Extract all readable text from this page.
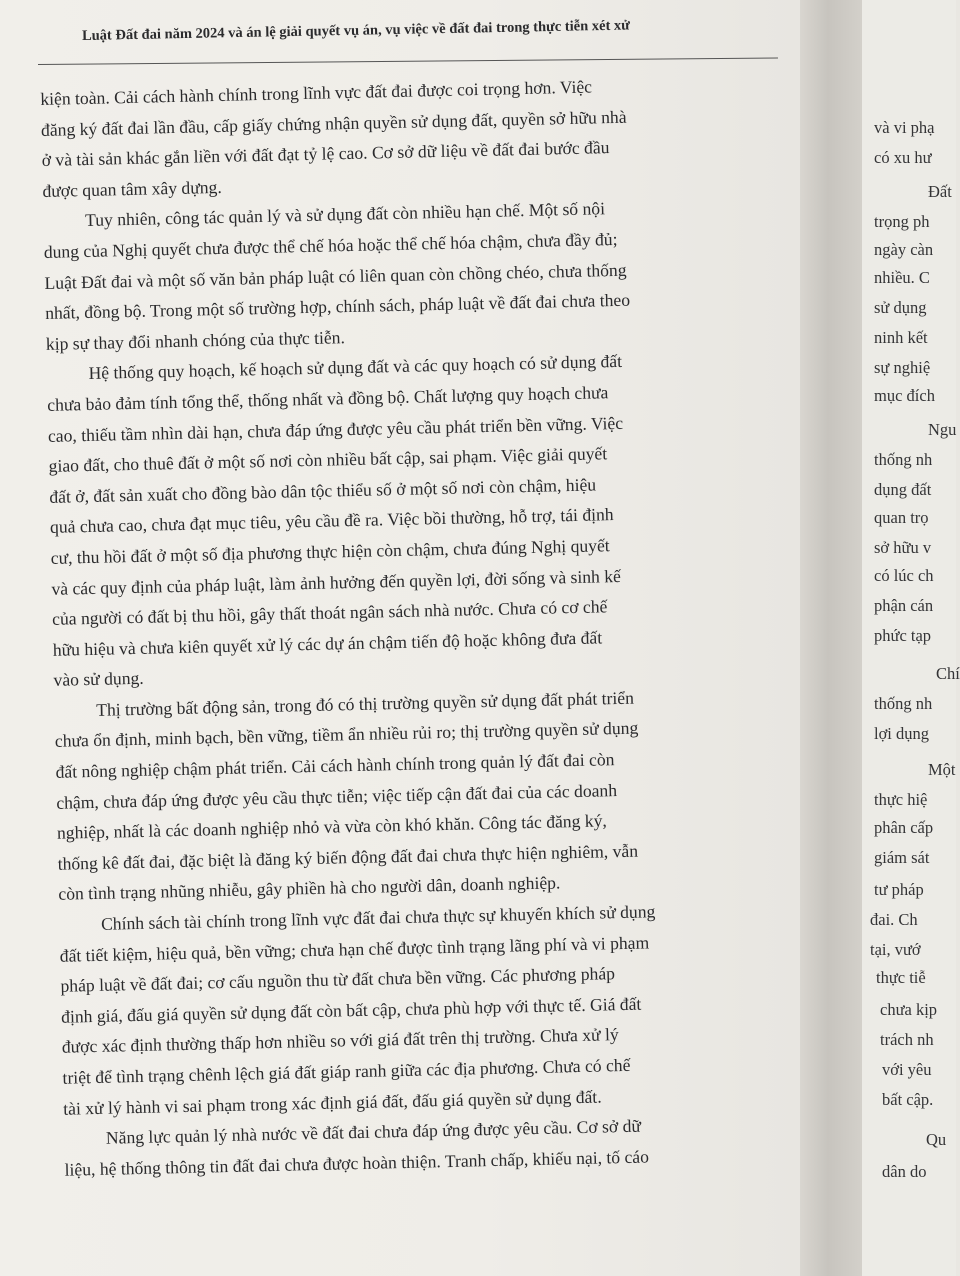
Luật Đất đai năm 2024 và án lệ giải quyết vụ án, vụ việc về đất đai trong thực tiễn xét xử
kiện toàn. Cải cách hành chính trong lĩnh vực đất đai được coi trọng hơn. Việc
đăng ký đất đai lần đầu, cấp giấy chứng nhận quyền sử dụng đất, quyền sở hữu nhà
ở và tài sản khác gắn liền với đất đạt tỷ lệ cao. Cơ sở dữ liệu về đất đai bước đầu
được quan tâm xây dựng.
Tuy nhiên, công tác quản lý và sử dụng đất còn nhiều hạn chế. Một số nội
dung của Nghị quyết chưa được thể chế hóa hoặc thể chế hóa chậm, chưa đầy đủ;
Luật Đất đai và một số văn bản pháp luật có liên quan còn chồng chéo, chưa thống
nhất, đồng bộ. Trong một số trường hợp, chính sách, pháp luật về đất đai chưa theo
kịp sự thay đổi nhanh chóng của thực tiễn.
Hệ thống quy hoạch, kế hoạch sử dụng đất và các quy hoạch có sử dụng đất
chưa bảo đảm tính tổng thể, thống nhất và đồng bộ. Chất lượng quy hoạch chưa
cao, thiếu tầm nhìn dài hạn, chưa đáp ứng được yêu cầu phát triển bền vững. Việc
giao đất, cho thuê đất ở một số nơi còn nhiều bất cập, sai phạm. Việc giải quyết
đất ở, đất sản xuất cho đồng bào dân tộc thiểu số ở một số nơi còn chậm, hiệu
quả chưa cao, chưa đạt mục tiêu, yêu cầu đề ra. Việc bồi thường, hỗ trợ, tái định
cư, thu hồi đất ở một số địa phương thực hiện còn chậm, chưa đúng Nghị quyết
và các quy định của pháp luật, làm ảnh hưởng đến quyền lợi, đời sống và sinh kế
của người có đất bị thu hồi, gây thất thoát ngân sách nhà nước. Chưa có cơ chế
hữu hiệu và chưa kiên quyết xử lý các dự án chậm tiến độ hoặc không đưa đất
vào sử dụng.
Thị trường bất động sản, trong đó có thị trường quyền sử dụng đất phát triển
chưa ổn định, minh bạch, bền vững, tiềm ẩn nhiều rủi ro; thị trường quyền sử dụng
đất nông nghiệp chậm phát triển. Cải cách hành chính trong quản lý đất đai còn
chậm, chưa đáp ứng được yêu cầu thực tiễn; việc tiếp cận đất đai của các doanh
nghiệp, nhất là các doanh nghiệp nhỏ và vừa còn khó khăn. Công tác đăng ký,
thống kê đất đai, đặc biệt là đăng ký biến động đất đai chưa thực hiện nghiêm, vẫn
còn tình trạng nhũng nhiễu, gây phiền hà cho người dân, doanh nghiệp.
Chính sách tài chính trong lĩnh vực đất đai chưa thực sự khuyến khích sử dụng
đất tiết kiệm, hiệu quả, bền vững; chưa hạn chế được tình trạng lãng phí và vi phạm
pháp luật về đất đai; cơ cấu nguồn thu từ đất chưa bền vững. Các phương pháp
định giá, đấu giá quyền sử dụng đất còn bất cập, chưa phù hợp với thực tế. Giá đất
được xác định thường thấp hơn nhiều so với giá đất trên thị trường. Chưa xử lý
triệt để tình trạng chênh lệch giá đất giáp ranh giữa các địa phương. Chưa có chế
tài xử lý hành vi sai phạm trong xác định giá đất, đấu giá quyền sử dụng đất.
Năng lực quản lý nhà nước về đất đai chưa đáp ứng được yêu cầu. Cơ sở dữ
liệu, hệ thống thông tin đất đai chưa được hoàn thiện. Tranh chấp, khiếu nại, tố cáo
và vi phạ
có xu hư
Đất
trọng ph
ngày càn
nhiều. C
sử dụng
ninh kết
sự nghiệ
mục đích
Ngu
thống nh
dụng đất
quan trọ
sở hữu v
có lúc ch
phận cán
phức tạp
Chí
thống nh
lợi dụng
Một
thực hiệ
phân cấp
giám sát
tư pháp
đai. Ch
tại, vướ
thực tiễ
chưa kịp
trách nh
với yêu
bất cập.
Qu
dân do
